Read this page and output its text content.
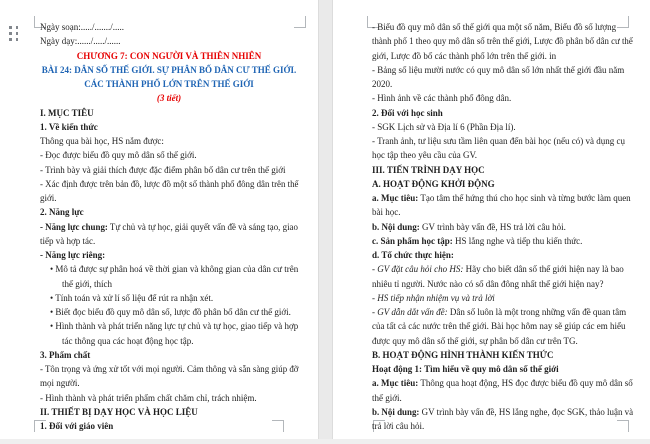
Ngày soạn:...../......./.....
Ngày dạy:....../...../......
CHƯƠNG 7: CON NGƯỜI VÀ THIÊN NHIÊN
BÀI 24: DÂN SỐ THẾ GIỚI. SỰ PHÂN BỐ DÂN CƯ THẾ GIỚI.
CÁC THÀNH PHỐ LỚN TRÊN THẾ GIỚI
(3 tiết)
I. MỤC TIÊU
1. Về kiến thức
Thông qua bài học, HS nắm được:
- Đọc được biểu đồ quy mô dân số thế giới.
- Trình bày và giải thích được đặc điểm phân bố dân cư trên thế giới
- Xác định được trên bản đồ, lược đồ một số thành phố đông dân trên thế
giới.
2. Năng lực
- Năng lực chung: Tự chủ và tự học, giải quyết vấn đề và sáng tạo, giao
tiếp và hợp tác.
- Năng lực riêng:
• Mô tả được sự phân hoá về thời gian và không gian của dân cư trên
thế giới, thích
• Tính toán và xử lí số liệu để rút ra nhận xét.
• Biết đọc biểu đồ quy mô dân số, lược đồ phân bố dân cư thế giới.
• Hình thành và phát triển năng lực tự chủ và tự học, giao tiếp và hợp
tác thông qua các hoạt động học tập.
3. Phẩm chất
- Tôn trọng và ứng xử tốt với mọi người. Cảm thông và sẵn sàng giúp đỡ
mọi người.
- Hình thành và phát triển phẩm chất chăm chỉ, trách nhiệm.
II. THIẾT BỊ DẠY HỌC VÀ HỌC LIỆU
1. Đối với giáo viên
- Biểu đồ quy mô dân số thế giới qua một số năm, Biểu đồ số lượng
thành phố 1 theo quy mô dân số trên thế giới, Lược đồ phân bố dân cư thế
giới, Lược đồ bố các thành phố lớn trên thế giới. in
- Bảng số liệu mười nước có quy mô dân số lớn nhất thế giới đầu năm
2020.
- Hình ảnh về các thành phố đông dân.
2. Đối với học sinh
- SGK Lịch sử và Địa lí 6 (Phần Địa lí).
- Tranh ảnh, tư liệu sưu tầm liên quan đến bài học (nếu có) và dụng cụ
học tập theo yêu cầu của GV.
III. TIẾN TRÌNH DẠY HỌC
A. HOẠT ĐỘNG KHỞI ĐỘNG
a. Mục tiêu: Tạo tâm thế hứng thú cho học sinh và từng bước làm quen
bài học.
b. Nội dung: GV trình bày vấn đề, HS trả lời câu hỏi.
c. Sản phẩm học tập: HS lắng nghe và tiếp thu kiến thức.
d. Tổ chức thực hiện:
- GV đặt câu hỏi cho HS: Hãy cho biết dân số thế giới hiện nay là bao
nhiêu tỉ người. Nước nào có số dân đông nhất thế giới hiện nay?
- HS tiếp nhận nhiệm vụ và trả lời
- GV dẫn dắt vấn đề: Dân số luôn là một trong những vấn đề quan tâm
của tất cả các nước trên thế giới. Bài học hôm nay sẽ giúp các em hiểu
được quy mô dân số thế giới, sự phân bố dân cư trên TG.
B. HOẠT ĐỘNG HÌNH THÀNH KIẾN THỨC
Hoạt động 1: Tìm hiểu về quy mô dân số thế giới
a. Mục tiêu: Thông qua hoạt động, HS đọc được biểu đồ quy mô dân số
thế giới.
b. Nội dung: GV trình bày vấn đề, HS lắng nghe, đọc SGK, thảo luận và
trả lời câu hỏi.
